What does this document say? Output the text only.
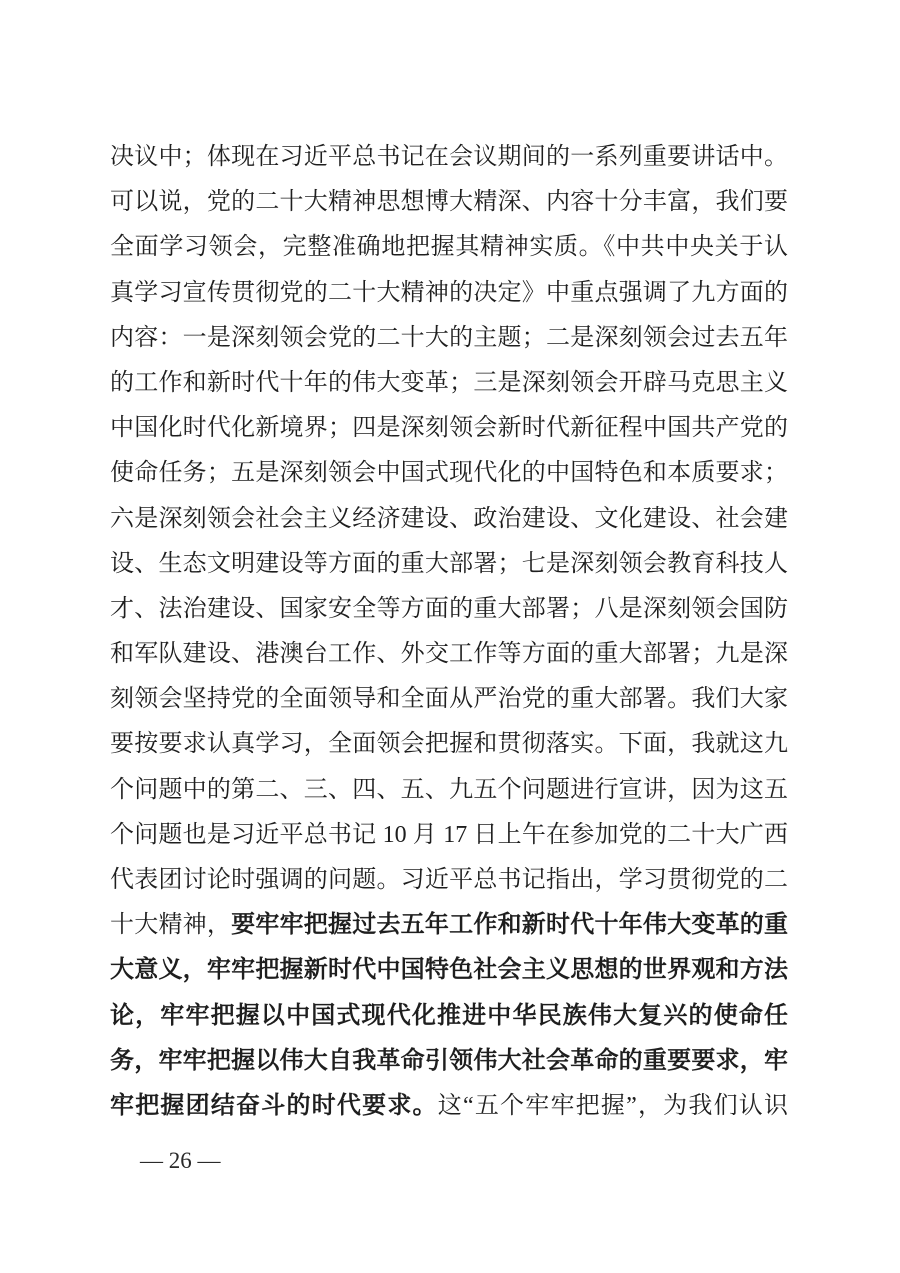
决议中；体现在习近平总书记在会议期间的一系列重要讲话中。
可以说，党的二十大精神思想博大精深、内容十分丰富，我们要
全面学习领会，完整准确地把握其精神实质。《中共中央关于认
真学习宣传贯彻党的二十大精神的决定》中重点强调了九方面的
内容：一是深刻领会党的二十大的主题；二是深刻领会过去五年
的工作和新时代十年的伟大变革；三是深刻领会开辟马克思主义
中国化时代化新境界；四是深刻领会新时代新征程中国共产党的
使命任务；五是深刻领会中国式现代化的中国特色和本质要求；
六是深刻领会社会主义经济建设、政治建设、文化建设、社会建
设、生态文明建设等方面的重大部署；七是深刻领会教育科技人
才、法治建设、国家安全等方面的重大部署；八是深刻领会国防
和军队建设、港澳台工作、外交工作等方面的重大部署；九是深
刻领会坚持党的全面领导和全面从严治党的重大部署。我们大家
要按要求认真学习，全面领会把握和贯彻落实。下面，我就这九
个问题中的第二、三、四、五、九五个问题进行宣讲，因为这五
个问题也是习近平总书记 10 月 17 日上午在参加党的二十大广西
代表团讨论时强调的问题。习近平总书记指出，学习贯彻党的二
十大精神，要牢牢把握过去五年工作和新时代十年伟大变革的重
大意义，牢牢把握新时代中国特色社会主义思想的世界观和方法
论，牢牢把握以中国式现代化推进中华民族伟大复兴的使命任
务，牢牢把握以伟大自我革命引领伟大社会革命的重要要求，牢
牢把握团结奋斗的时代要求。这“五个牢牢把握”，为我们认识
— 26 —
